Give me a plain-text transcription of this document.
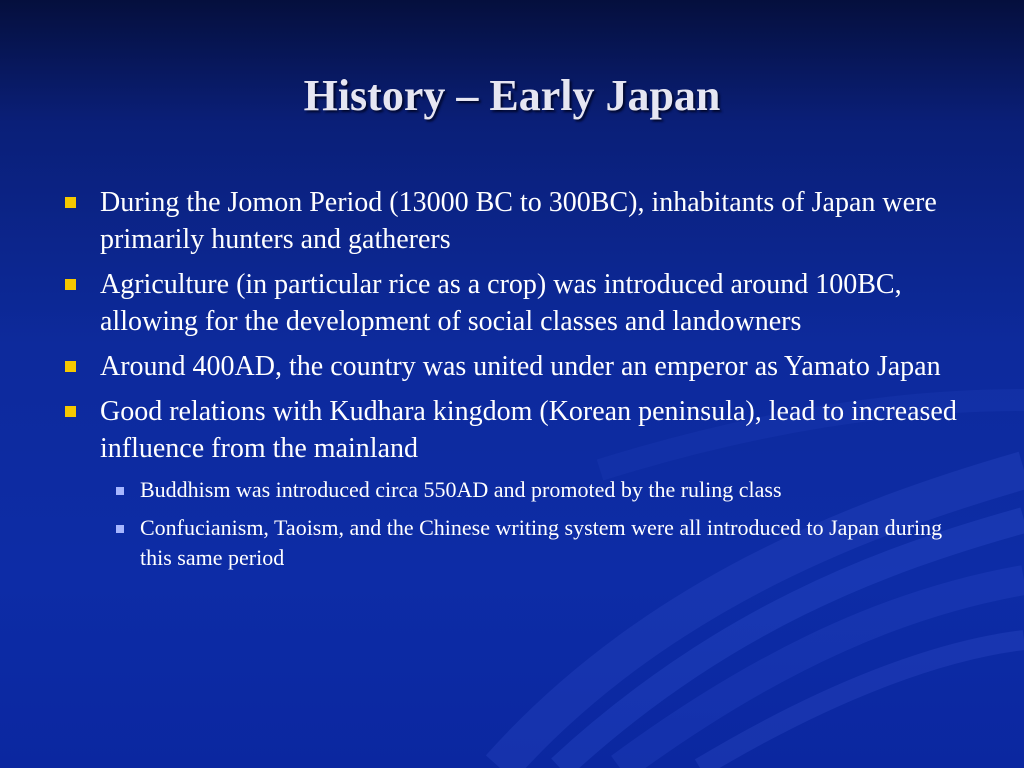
History – Early Japan
During the Jomon Period (13000 BC to 300BC), inhabitants of Japan were primarily hunters and gatherers
Agriculture (in particular rice as a crop) was introduced around 100BC, allowing for the development of social classes and landowners
Around 400AD, the country was united under an emperor as Yamato Japan
Good relations with Kudhara kingdom (Korean peninsula), lead to increased influence from the mainland
Buddhism was introduced circa 550AD and promoted by the ruling class
Confucianism, Taoism, and the Chinese writing system were all introduced to Japan during this same period
